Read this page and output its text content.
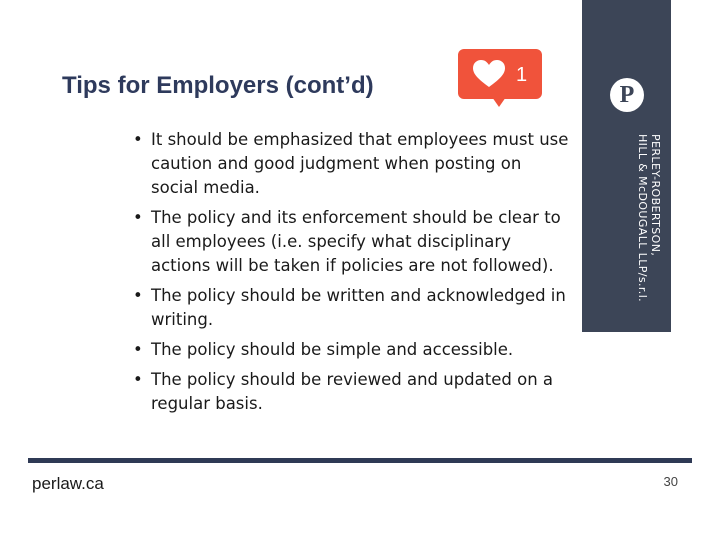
Tips for Employers (cont’d)	1
P
PERLEY-ROBERTSON,
HILL & McDOUGALL LLP/s.r.l.
• It should be emphasized that employees must use caution and good judgment when posting on social media.
• The policy and its enforcement should be clear to all employees (i.e. specify what disciplinary actions will be taken if policies are not followed).
• The policy should be written and acknowledged in writing.
• The policy should be simple and accessible.
• The policy should be reviewed and updated on a regular basis.
perlaw.ca	30
